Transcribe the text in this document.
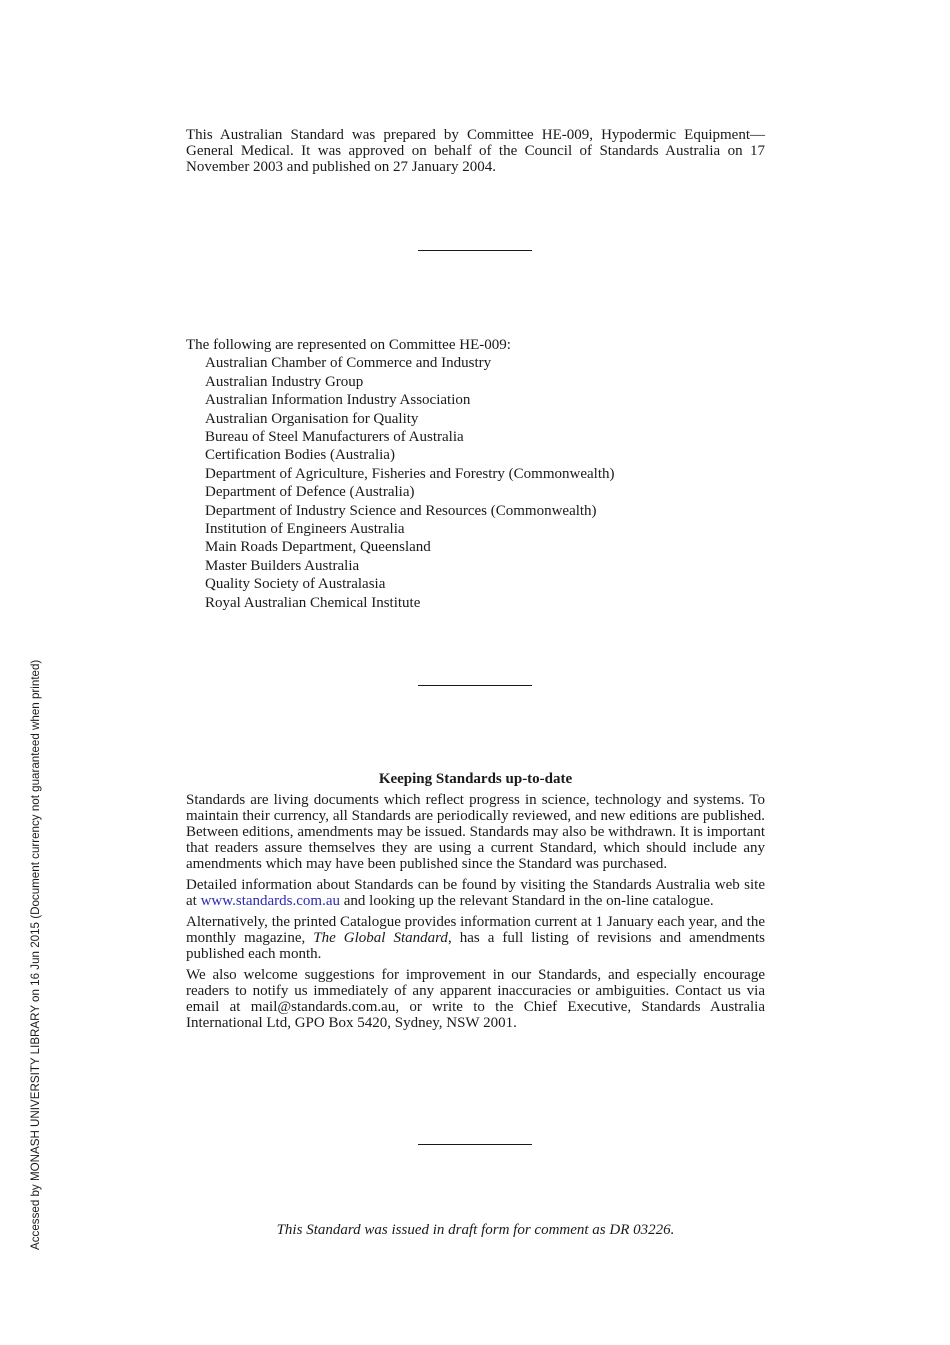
This Australian Standard was prepared by Committee HE-009, Hypodermic Equipment—General Medical. It was approved on behalf of the Council of Standards Australia on 17 November 2003 and published on 27 January 2004.
The following are represented on Committee HE-009:
Australian Chamber of Commerce and Industry
Australian Industry Group
Australian Information Industry Association
Australian Organisation for Quality
Bureau of Steel Manufacturers of Australia
Certification Bodies (Australia)
Department of Agriculture, Fisheries and Forestry (Commonwealth)
Department of Defence (Australia)
Department of Industry Science and Resources (Commonwealth)
Institution of Engineers Australia
Main Roads Department, Queensland
Master Builders Australia
Quality Society of Australasia
Royal Australian Chemical Institute
Keeping Standards up-to-date

Standards are living documents which reflect progress in science, technology and systems. To maintain their currency, all Standards are periodically reviewed, and new editions are published. Between editions, amendments may be issued. Standards may also be withdrawn. It is important that readers assure themselves they are using a current Standard, which should include any amendments which may have been published since the Standard was purchased.

Detailed information about Standards can be found by visiting the Standards Australia web site at www.standards.com.au and looking up the relevant Standard in the on-line catalogue.

Alternatively, the printed Catalogue provides information current at 1 January each year, and the monthly magazine, The Global Standard, has a full listing of revisions and amendments published each month.

We also welcome suggestions for improvement in our Standards, and especially encourage readers to notify us immediately of any apparent inaccuracies or ambiguities. Contact us via email at mail@standards.com.au, or write to the Chief Executive, Standards Australia International Ltd, GPO Box 5420, Sydney, NSW 2001.

This Standard was issued in draft form for comment as DR 03226.
Accessed by MONASH UNIVERSITY LIBRARY on 16 Jun 2015 (Document currency not guaranteed when printed)
